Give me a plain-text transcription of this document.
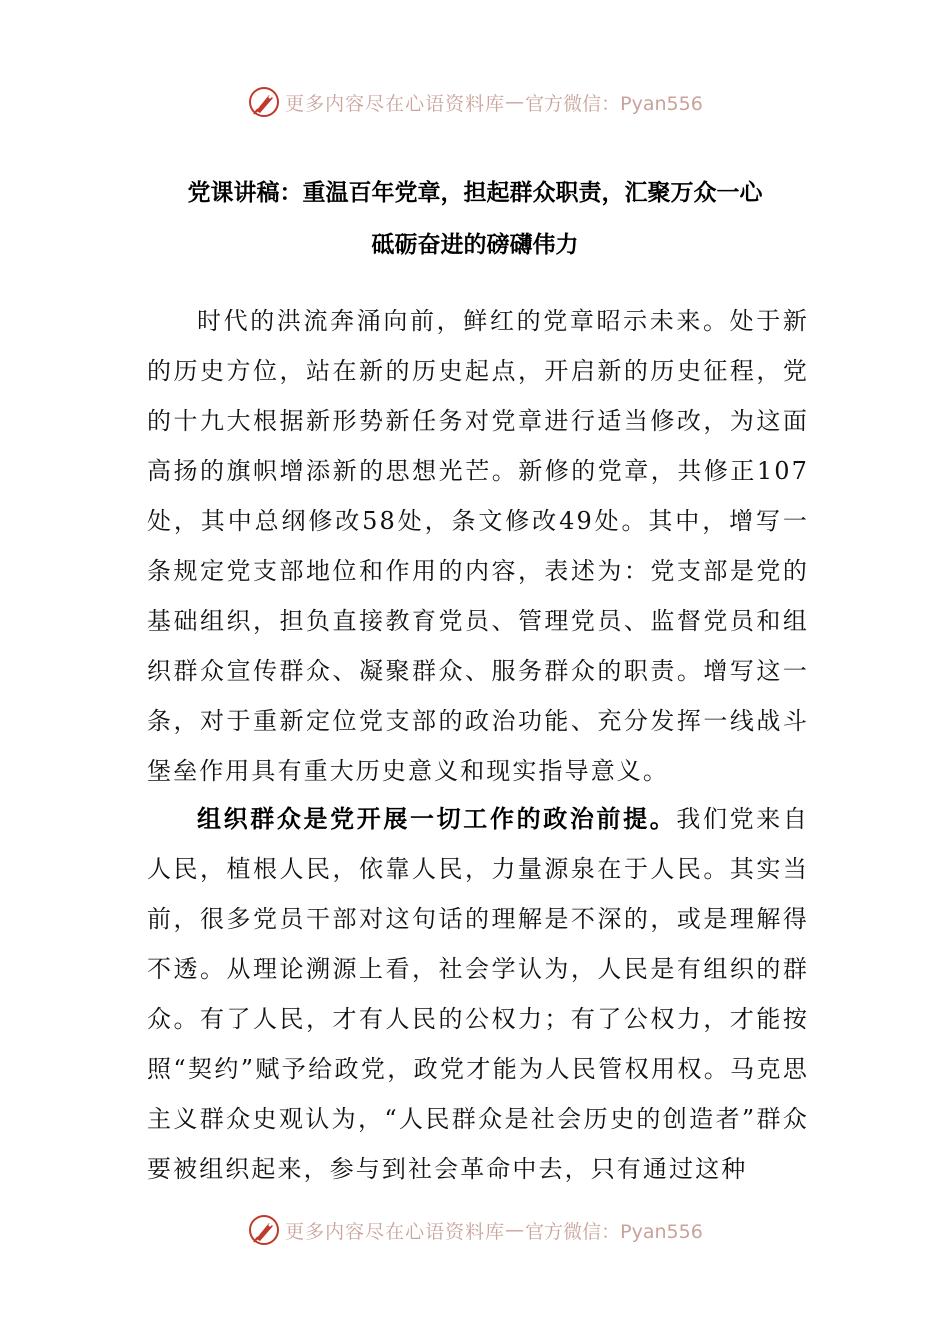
更多内容尽在心语资料库 — 官方微信：Pyan556
党课讲稿：重温百年党章，担起群众职责，汇聚万众一心
砥砺奋进的磅礴伟力

时代的洪流奔涌向前，鲜红的党章昭示未来。处于新的历史方位，站在新的历史起点，开启新的历史征程，党的十九大根据新形势新任务对党章进行适当修改，为这面高扬的旗帜增添新的思想光芒。新修的党章，共修正107处，其中总纲修改58处，条文修改49处。其中，增写一条规定党支部地位和作用的内容，表述为：党支部是党的基础组织，担负直接教育党员、管理党员、监督党员和组织群众宣传群众、凝聚群众、服务群众的职责。增写这一条，对于重新定位党支部的政治功能、充分发挥一线战斗堡垒作用具有重大历史意义和现实指导意义。

组织群众是党开展一切工作的政治前提。我们党来自人民，植根人民，依靠人民，力量源泉在于人民。其实当前，很多党员干部对这句话的理解是不深的，或是理解得不透。从理论溯源上看，社会学认为，人民是有组织的群众。有了人民，才有人民的公权力；有了公权力，才能按照“契约”赋予给政党，政党才能为人民管权用权。马克思主义群众史观认为，“人民群众是社会历史的创造者”群众要被组织起来，参与到社会革命中去，只有通过这种

更多内容尽在心语资料库 — 官方微信：Pyan556
